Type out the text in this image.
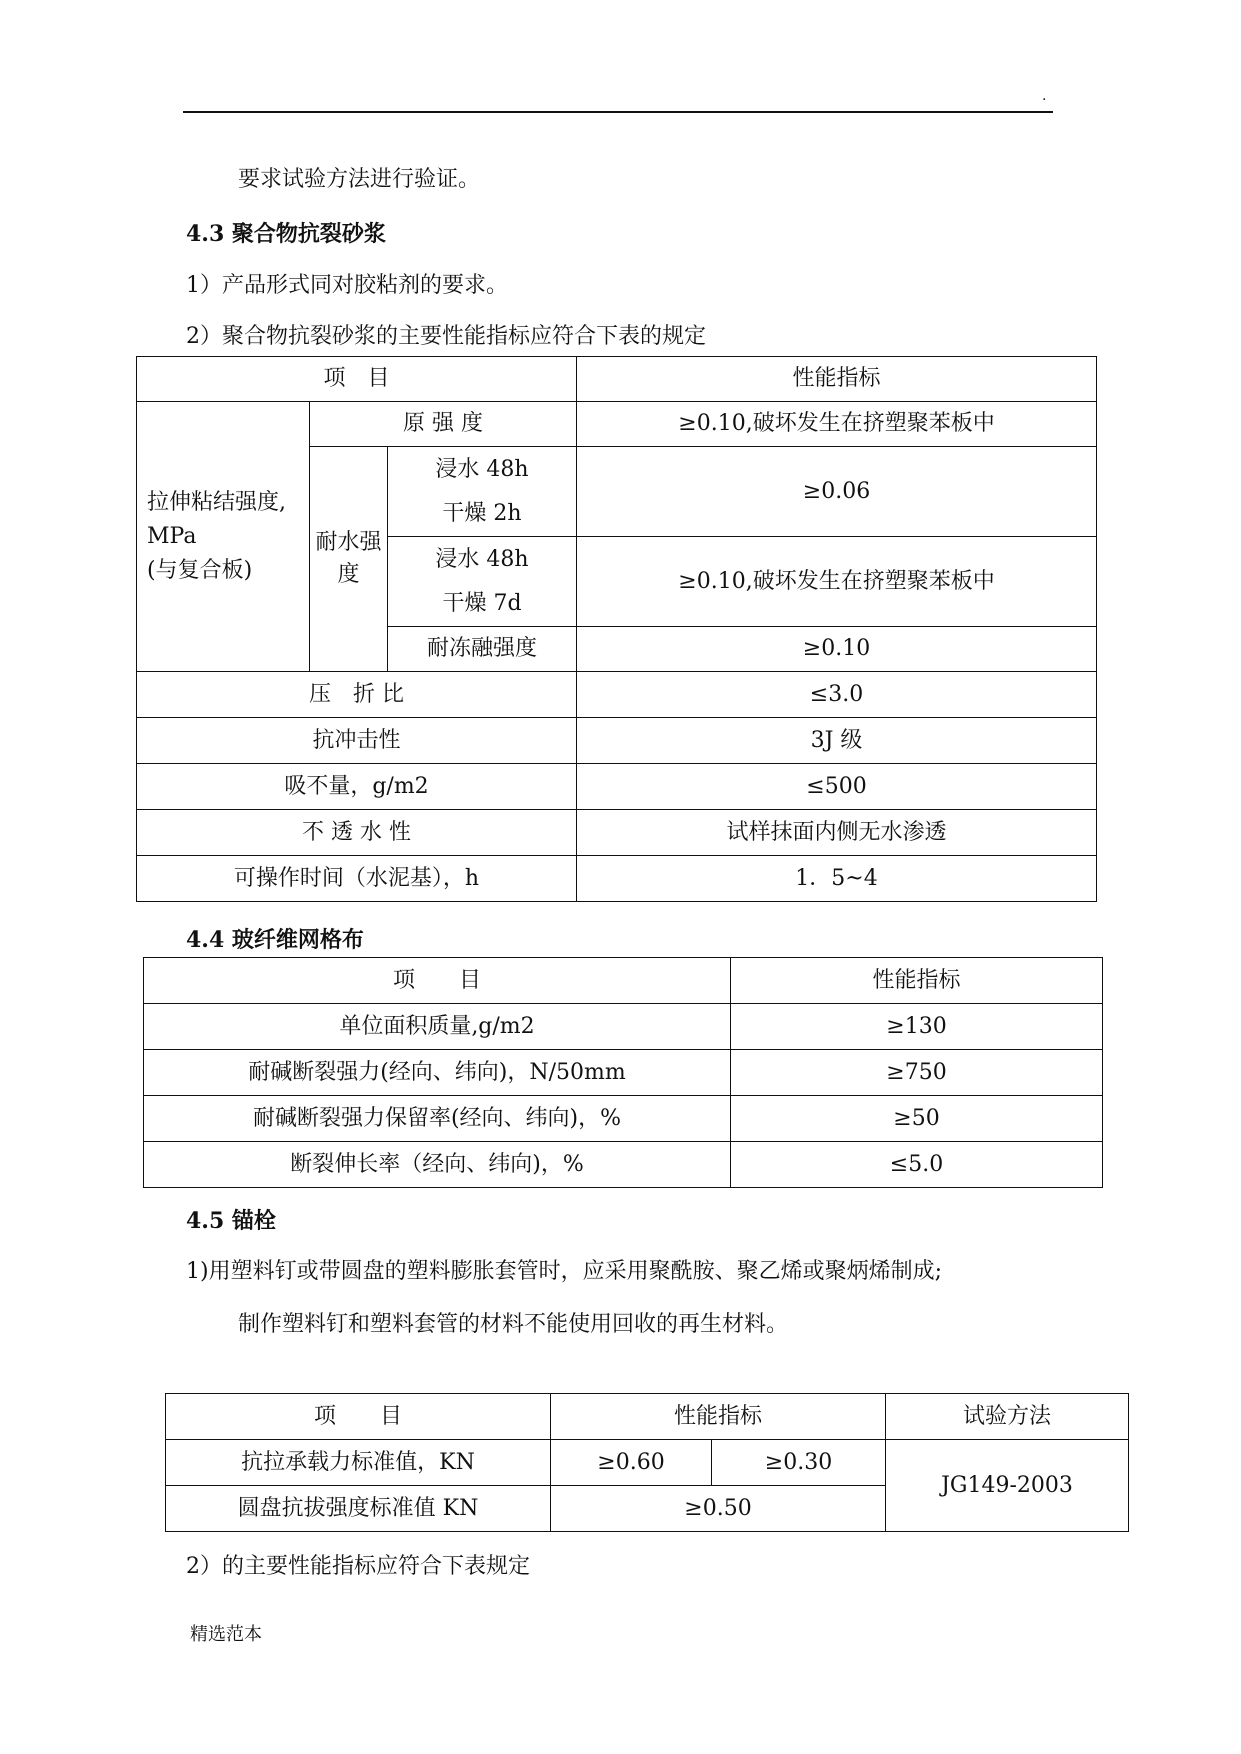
.
要求试验方法进行验证。
4.3 聚合物抗裂砂浆
1）产品形式同对胶粘剂的要求。
2）聚合物抗裂砂浆的主要性能指标应符合下表的规定
项　目			性能指标

拉伸粘结强度,
MPa
(与复合板)	原 强 度		≥0.10,破坏发生在挤塑聚苯板中
	耐水强度	浸水 48h
干燥 2h	≥0.06

		浸水 48h
干燥 7d	≥0.10,破坏发生在挤塑聚苯板中

		耐冻融强度	≥0.10
压　折 比			≤3.0
抗冲击性			3J 级
吸不量，g/m2			≤500
不 透 水 性			试样抹面内侧无水渗透
可操作时间（水泥基），h			1．5~4
4.4 玻纤维网格布
项　　目	性能指标
单位面积质量,g/m2	≥130
耐碱断裂强力(经向、纬向)，N/50mm	≥750
耐碱断裂强力保留率(经向、纬向)，%	≥50
断裂伸长率（经向、纬向)，%	≤5.0
4.5 锚栓
1)用塑料钉或带圆盘的塑料膨胀套管时，应采用聚酰胺、聚乙烯或聚炳烯制成;
制作塑料钉和塑料套管的材料不能使用回收的再生材料。
项　　目	性能指标		试验方法
抗拉承载力标准值，KN	≥0.60	≥0.30	JG149-2003
圆盘抗拔强度标准值 KN	≥0.50		
2）的主要性能指标应符合下表规定
精选范本
